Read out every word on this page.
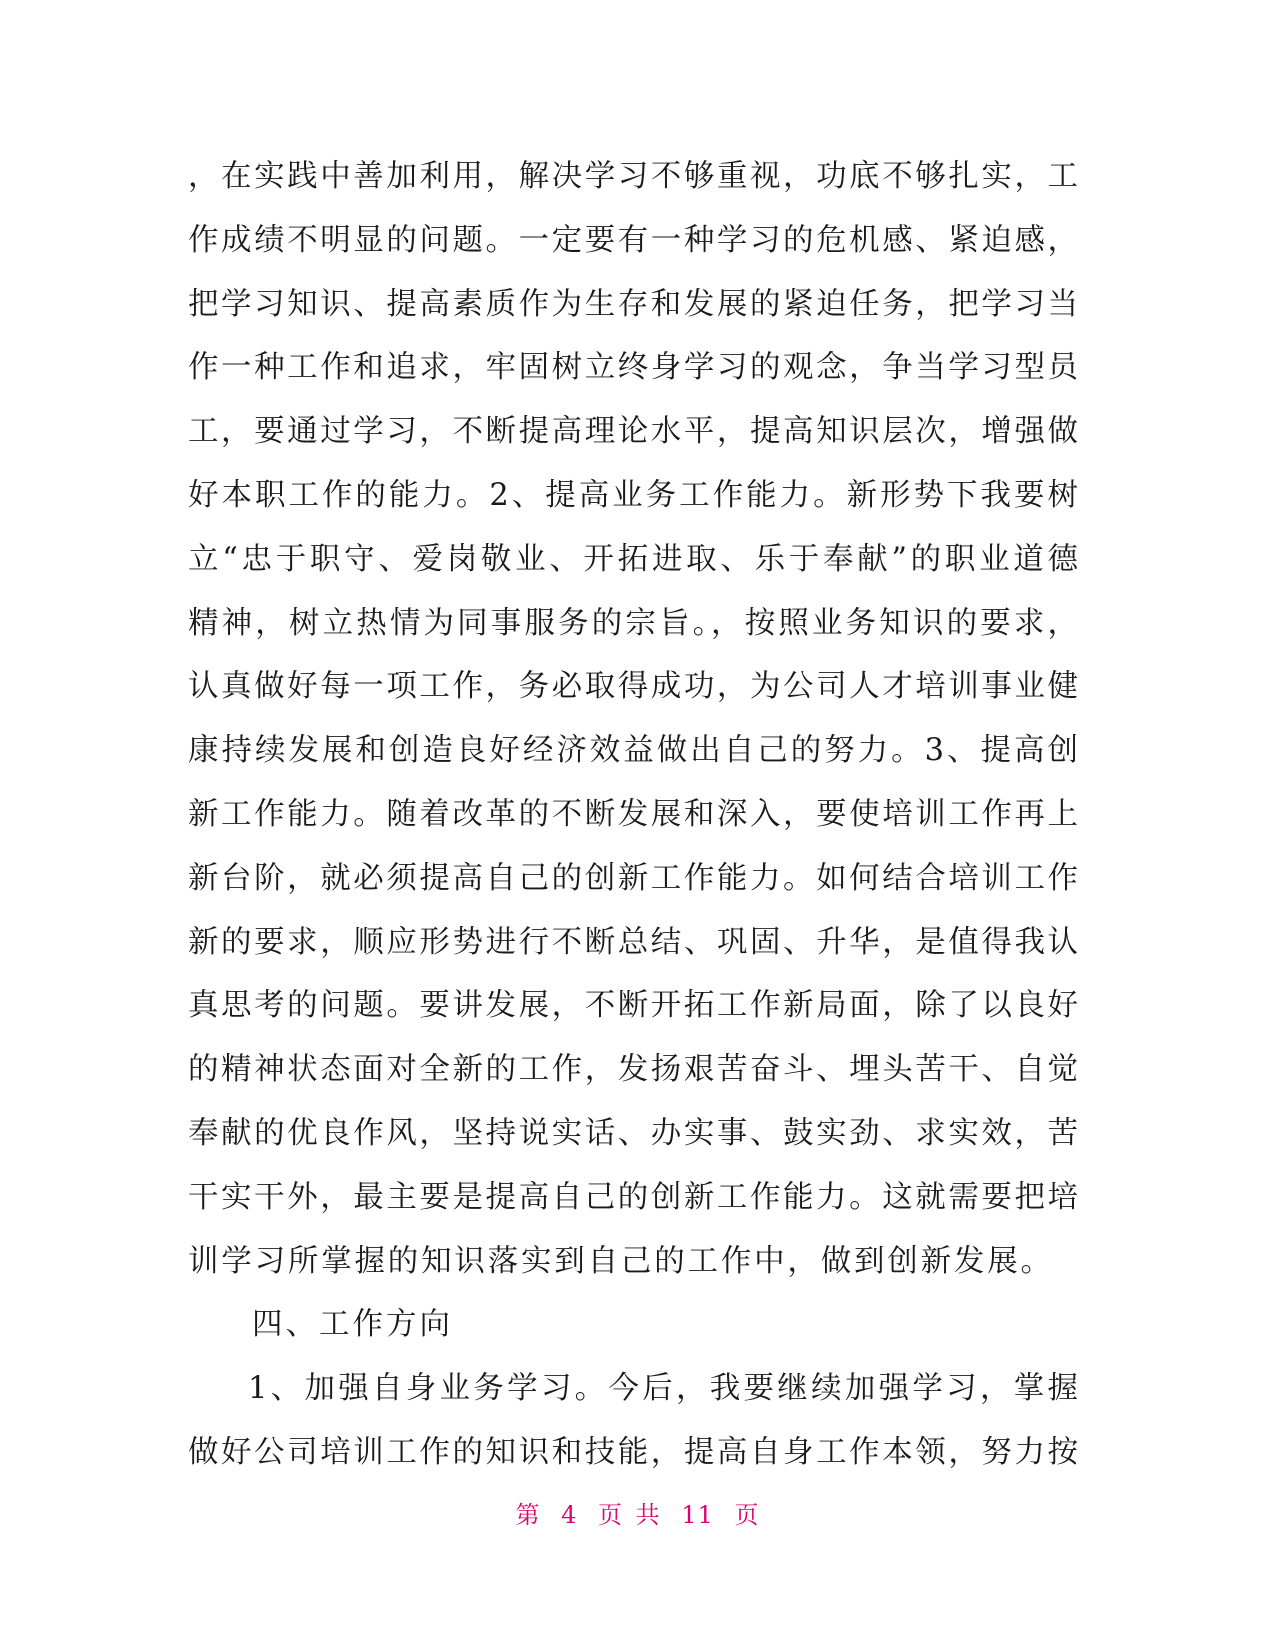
，在实践中善加利用，解决学习不够重视，功底不够扎实，工
作成绩不明显的问题。一定要有一种学习的危机感、紧迫感，
把学习知识、提高素质作为生存和发展的紧迫任务，把学习当
作一种工作和追求，牢固树立终身学习的观念，争当学习型员
工，要通过学习，不断提高理论水平，提高知识层次，增强做
好本职工作的能力。2、提高业务工作能力。新形势下我要树
立“忠于职守、爱岗敬业、开拓进取、乐于奉献”的职业道德
精神，树立热情为同事服务的宗旨。，按照业务知识的要求，
认真做好每一项工作，务必取得成功，为公司人才培训事业健
康持续发展和创造良好经济效益做出自己的努力。3、提高创
新工作能力。随着改革的不断发展和深入，要使培训工作再上
新台阶，就必须提高自己的创新工作能力。如何结合培训工作
新的要求，顺应形势进行不断总结、巩固、升华，是值得我认
真思考的问题。要讲发展，不断开拓工作新局面，除了以良好
的精神状态面对全新的工作，发扬艰苦奋斗、埋头苦干、自觉
奉献的优良作风，坚持说实话、办实事、鼓实劲、求实效，苦
干实干外，最主要是提高自己的创新工作能力。这就需要把培
训学习所掌握的知识落实到自己的工作中，做到创新发展。
四、工作方向
1、加强自身业务学习。今后，我要继续加强学习，掌握
做好公司培训工作的知识和技能，提高自身工作本领，努力按
第 4 页 共 11 页
